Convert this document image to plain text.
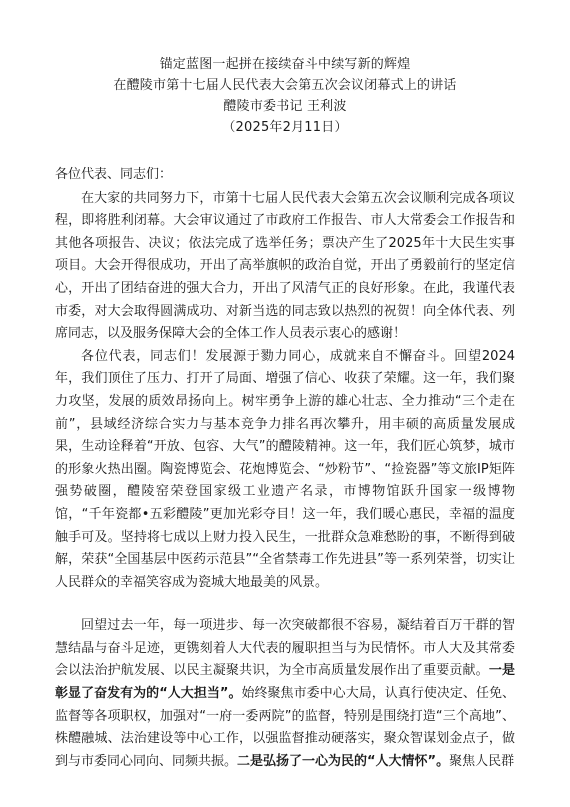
锚定蓝图一起拼在接续奋斗中续写新的辉煌
在醴陵市第十七届人民代表大会第五次会议闭幕式上的讲话
醴陵市委书记 王利波
（2025年2月11日）

各位代表、同志们：

在大家的共同努力下，市第十七届人民代表大会第五次会议顺利完成各项议程，即将胜利闭幕。大会审议通过了市政府工作报告、市人大常委会工作报告和其他各项报告、决议；依法完成了选举任务；票决产生了2025年十大民生实事项目。大会开得很成功，开出了高举旗帜的政治自觉，开出了勇毅前行的坚定信心，开出了团结奋进的强大合力，开出了风清气正的良好形象。在此，我谨代表市委，对大会取得圆满成功、对新当选的同志致以热烈的祝贺！向全体代表、列席同志，以及服务保障大会的全体工作人员表示衷心的感谢！

各位代表，同志们！发展源于勠力同心，成就来自不懈奋斗。回望2024年，我们顶住了压力、打开了局面、增强了信心、收获了荣耀。这一年，我们聚力攻坚，发展的质效昂扬向上。树牢勇争上游的雄心壮志、全力推动“三个走在前”，县域经济综合实力与基本竞争力排名再次攀升，用丰硕的高质量发展成果，生动诠释着“开放、包容、大气”的醴陵精神。这一年，我们匠心筑梦，城市的形象火热出圈。陶瓷博览会、花炮博览会、“炒粉节”、“捡瓷器”等文旅IP矩阵强势破圈，醴陵窑荣登国家级工业遗产名录，市博物馆跃升国家一级博物馆，“千年瓷都•五彩醴陵”更加光彩夺目！这一年，我们暖心惠民，幸福的温度触手可及。坚持将七成以上财力投入民生，一批群众急难愁盼的事，不断得到破解，荣获“全国基层中医药示范县”“全省禁毒工作先进县”等一系列荣誉，切实让人民群众的幸福笑容成为瓷城大地最美的风景。

回望过去一年，每一项进步、每一次突破都很不容易，凝结着百万干群的智慧结晶与奋斗足迹，更镌刻着人大代表的履职担当与为民情怀。市人大及其常委会以法治护航发展、以民主凝聚共识，为全市高质量发展作出了重要贡献。一是彰显了奋发有为的“人大担当”。始终聚焦市委中心大局，认真行使决定、任免、监督等各项职权，加强对“一府一委两院”的监督，特别是围绕打造“三个高地”、株醴融城、法治建设等中心工作，以强监督推动硬落实，聚众智谋划金点子，做到与市委同心同向、同频共振。二是弘扬了一心为民的“人大情怀”。聚焦人民群
